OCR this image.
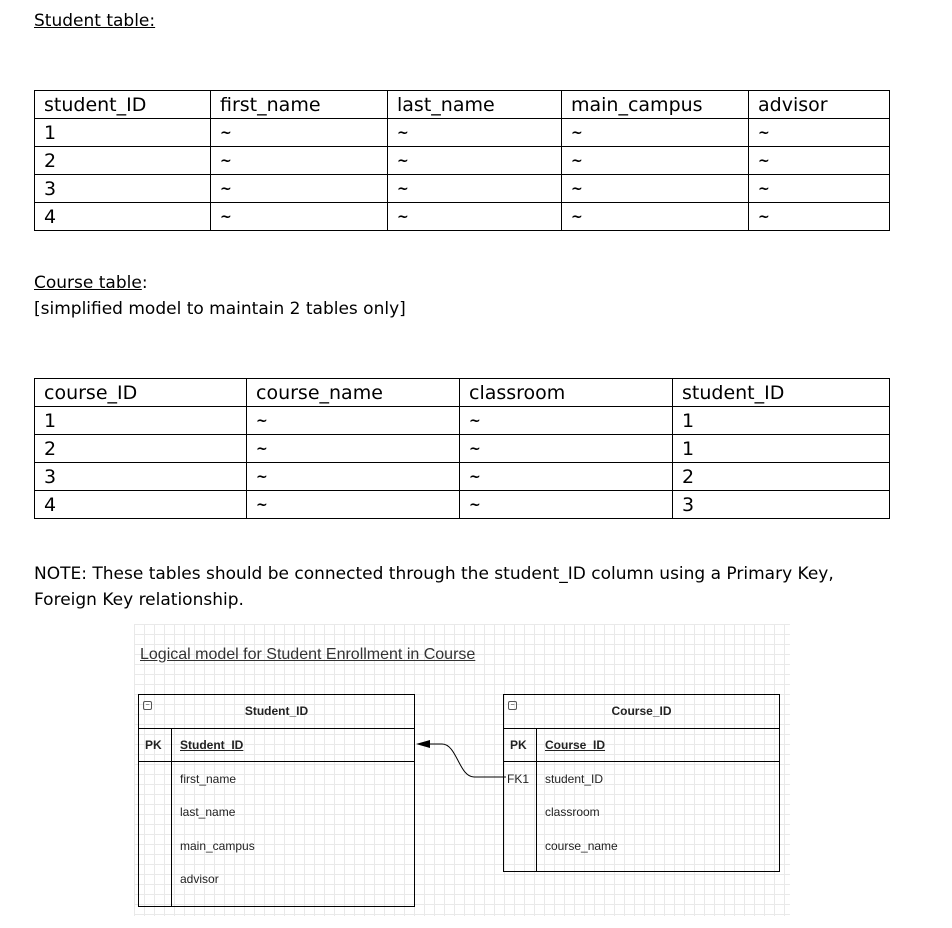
Student table:
student_ID	first_name	last_name	main_campus	advisor
1	~	~	~	~
2	~	~	~	~
3	~	~	~	~
4	~	~	~	~
Course table:
[simplified model to maintain 2 tables only]
course_ID	course_name	classroom	student_ID
1	~	~	1
2	~	~	1
3	~	~	2
4	~	~	3
NOTE: These tables should be connected through the student_ID column using a Primary Key, Foreign Key relationship.
Logical model for Student Enrollment in Course
−	Student_ID
PK Student_ID
first_name
last_name
main_campus
advisor
−	Course_ID
PK Course_ID
FK1 student_ID
classroom
course_name
